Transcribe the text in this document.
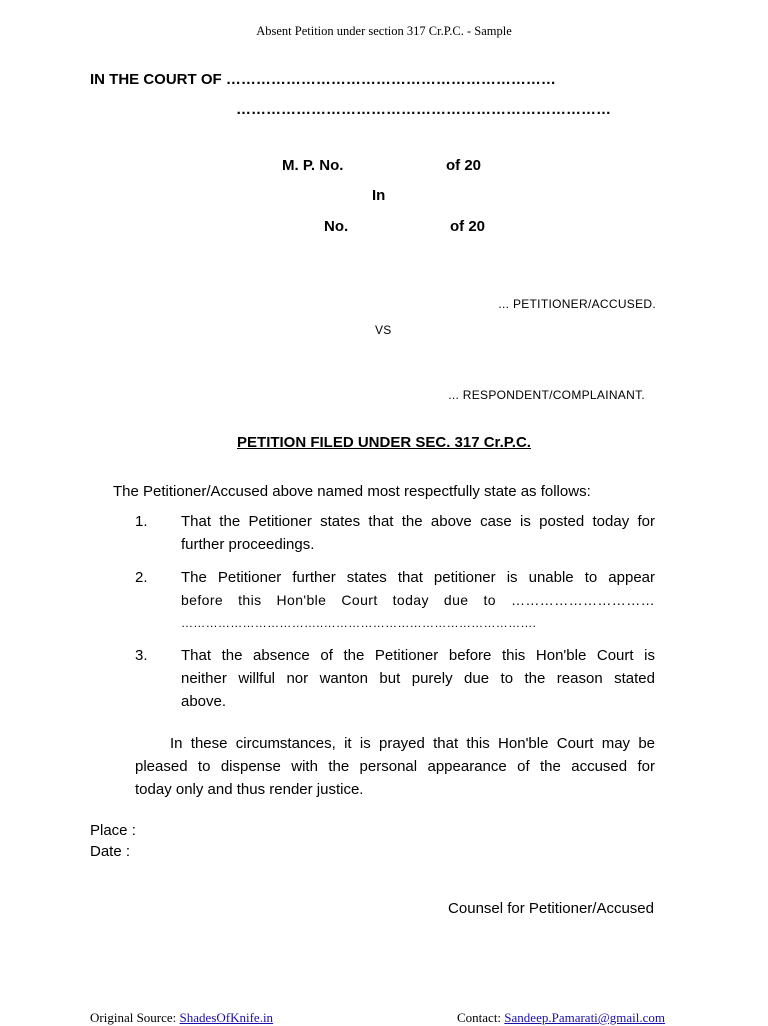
Absent Petition under section 317 Cr.P.C. - Sample
IN THE COURT OF …………………………………………………………
…………………………………………………………………
M. P. No.	of 20
In
No.	of 20
... PETITIONER/ACCUSED.
VS
... RESPONDENT/COMPLAINANT.
PETITION FILED UNDER SEC. 317 Cr.P.C.
The Petitioner/Accused above named most respectfully state as follows:
1. That the Petitioner states that the above case is posted today for
further proceedings.
2. The Petitioner further states that petitioner is unable to appear
before this Hon'ble Court today due to …………………………
……………………………..…………………………………………….
3. That the absence of the Petitioner before this Hon'ble Court is
neither willful nor wanton but purely due to the reason stated
above.
In these circumstances, it is prayed that this Hon'ble Court may be
pleased to dispense with the personal appearance of the accused for
today only and thus render justice.
Place :
Date :
Counsel for Petitioner/Accused
Original Source: ShadesOfKnife.in	Contact: Sandeep.Pamarati@gmail.com
